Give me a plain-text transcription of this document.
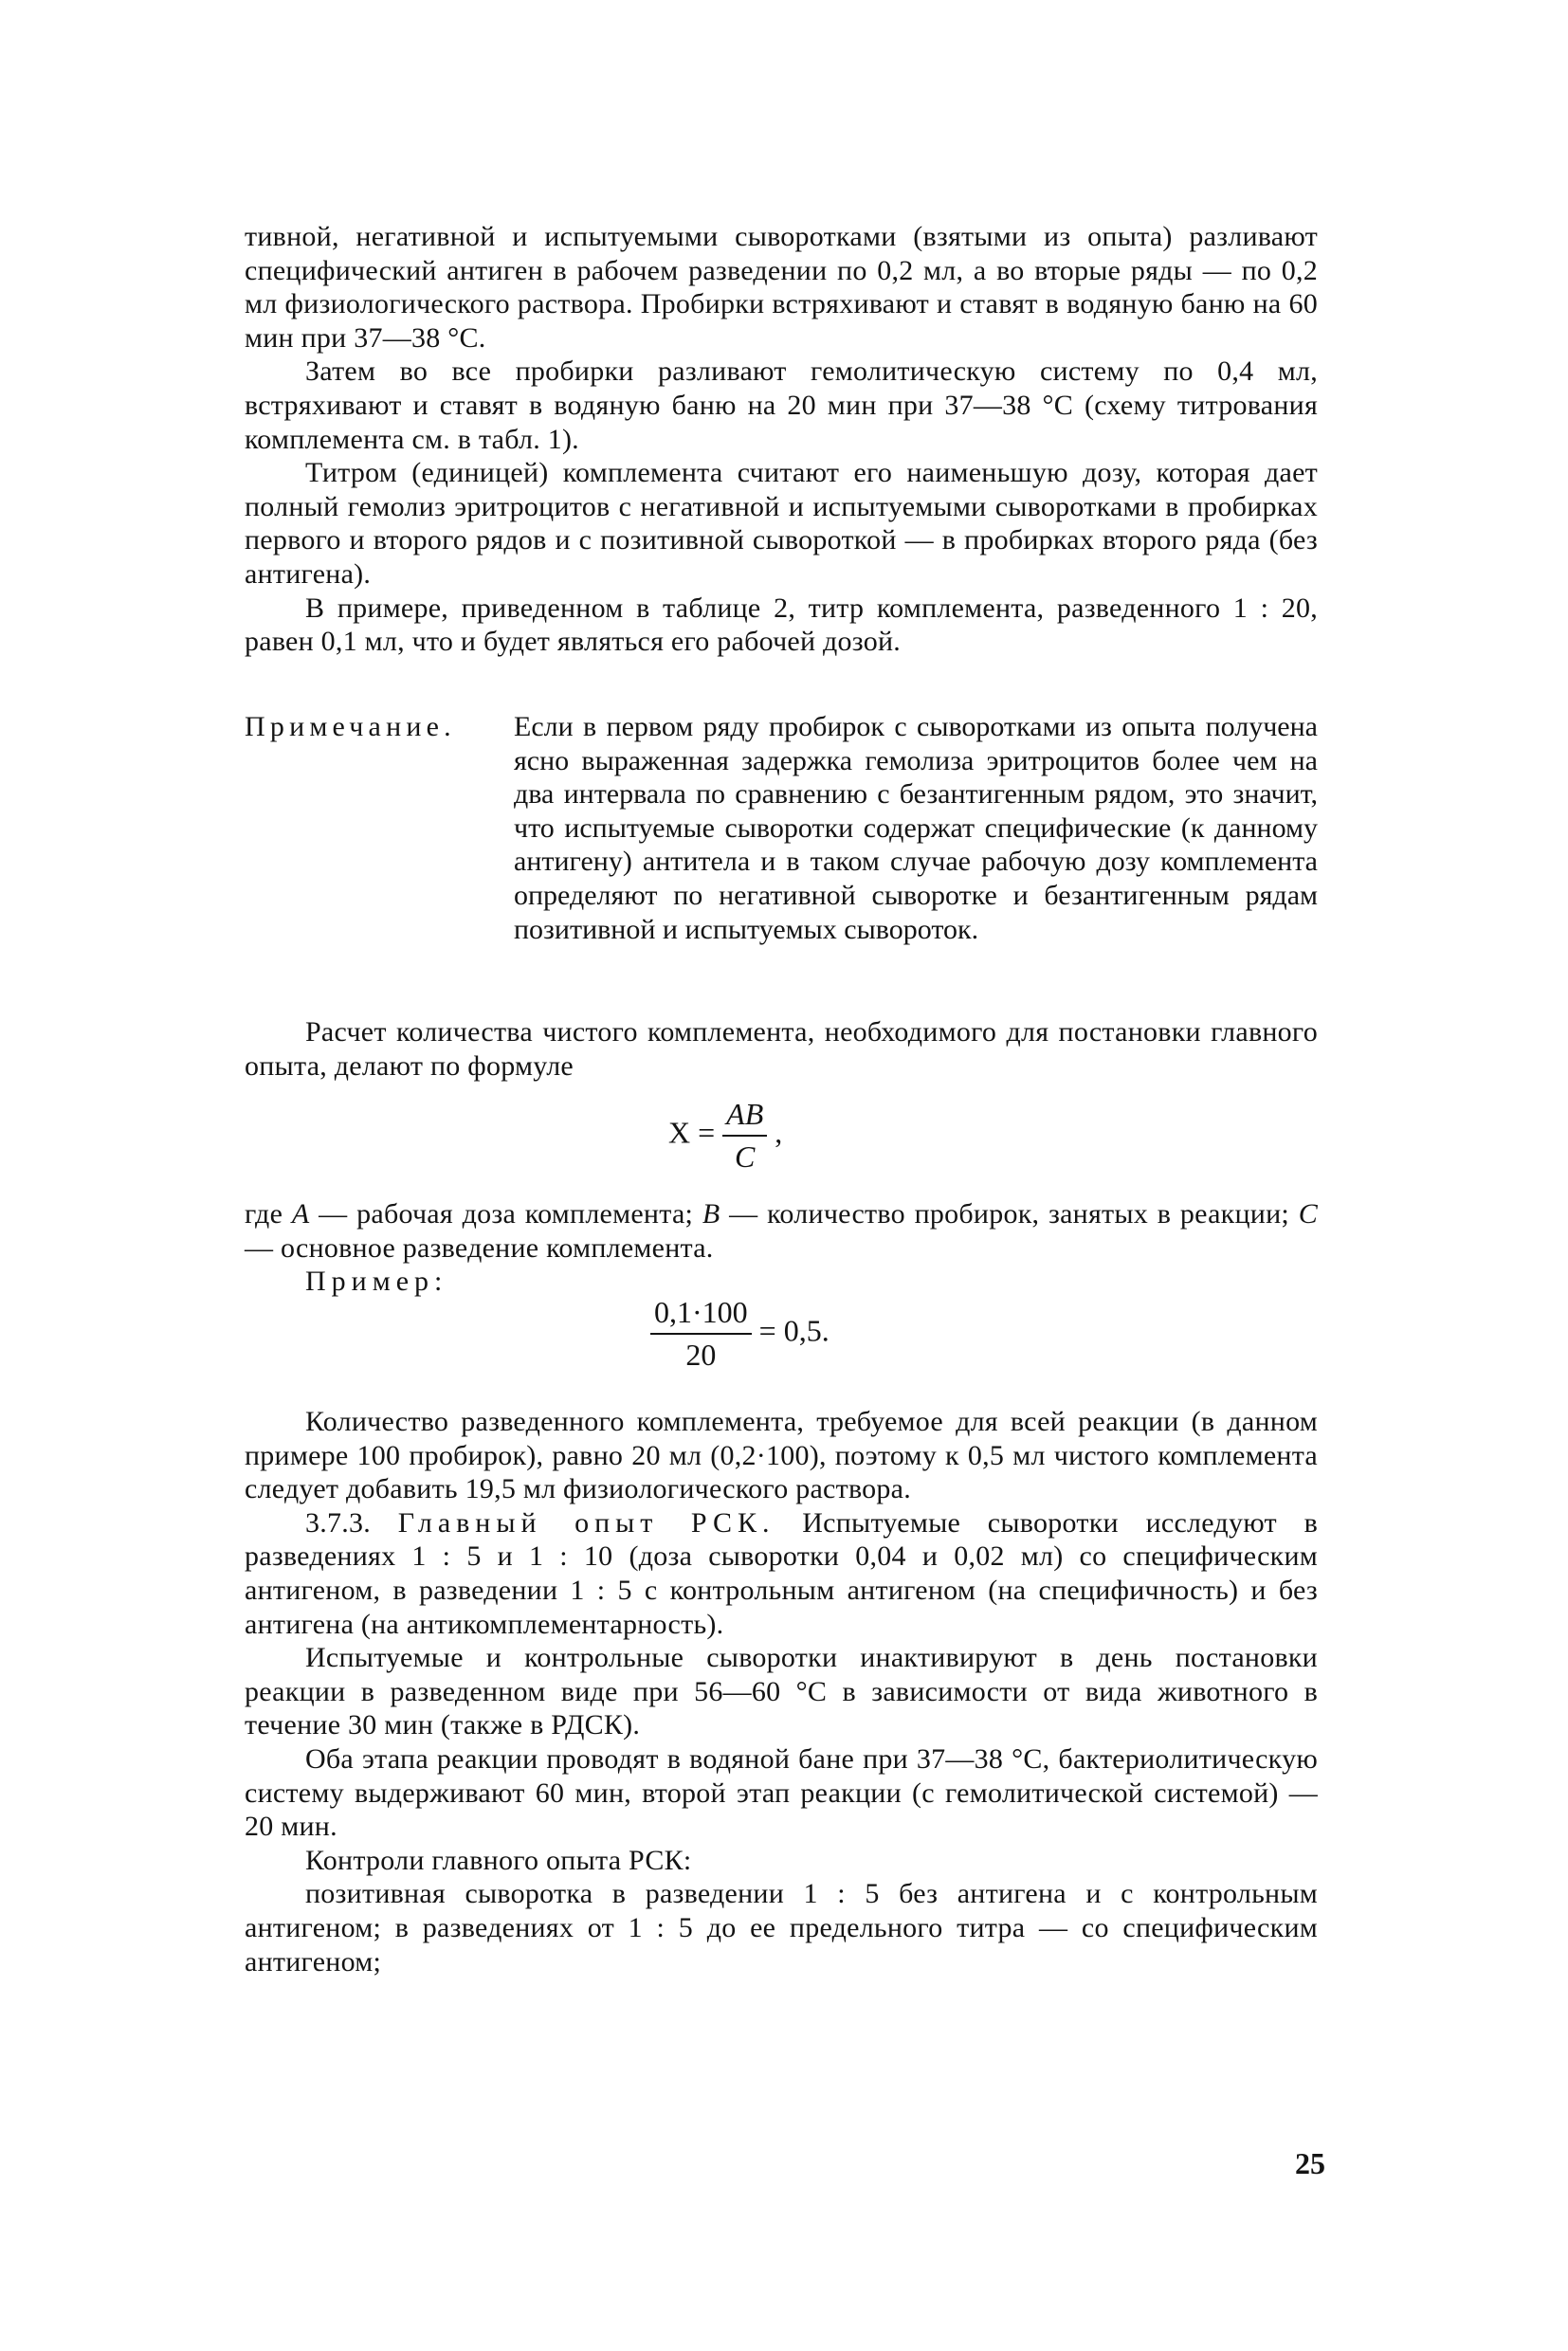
тивной, негативной и испытуемыми сыворотками (взятыми из опыта) разливают специфический антиген в рабочем разведении по 0,2 мл, а во вторые ряды — по 0,2 мл физиологического раствора. Пробирки встряхивают и ставят в водяную баню на 60 мин при 37—38 °С.

Затем во все пробирки разливают гемолитическую систему по 0,4 мл, встряхивают и ставят в водяную баню на 20 мин при 37—38 °С (схему титрования комплемента см. в табл. 1).

Титром (единицей) комплемента считают его наименьшую дозу, которая дает полный гемолиз эритроцитов с негативной и испытуемыми сыворотками в пробирках первого и второго рядов и с позитивной сывороткой — в пробирках второго ряда (без антигена).

В примере, приведенном в таблице 2, титр комплемента, разведенного 1 : 20, равен 0,1 мл, что и будет являться его рабочей дозой.

Примечание. Если в первом ряду пробирок с сыворотками из опыта получена ясно выраженная задержка гемолиза эритроцитов более чем на два интервала по сравнению с безантигенным рядом, это значит, что испытуемые сыворотки содержат специфические (к данному антигену) антитела и в таком случае рабочую дозу комплемента определяют по негативной сыворотке и безантигенным рядам позитивной и испытуемых сывороток.

Расчет количества чистого комплемента, необходимого для постановки главного опыта, делают по формуле

$X = \frac{AB}{C}$ ,

где A — рабочая доза комплемента; B — количество пробирок, занятых в реакции; C — основное разведение комплемента.

Пример:

$\frac{0,1\cdot 100}{20} = 0,5$.

Количество разведенного комплемента, требуемое для всей реакции (в данном примере 100 пробирок), равно 20 мл (0,2·100), поэтому к 0,5 мл чистого комплемента следует добавить 19,5 мл физиологического раствора.

3.7.3. Главный опыт РСК. Испытуемые сыворотки исследуют в разведениях 1 : 5 и 1 : 10 (доза сыворотки 0,04 и 0,02 мл) со специфическим антигеном, в разведении 1 : 5 с контрольным антигеном (на специфичность) и без антигена (на антикомплементарность).

Испытуемые и контрольные сыворотки инактивируют в день постановки реакции в разведенном виде при 56—60 °С в зависимости от вида животного в течение 30 мин (также в РДСК).

Оба этапа реакции проводят в водяной бане при 37—38 °С, бактериолитическую систему выдерживают 60 мин, второй этап реакции (с гемолитической системой) — 20 мин.

Контроли главного опыта РСК:

позитивная сыворотка в разведении 1 : 5 без антигена и с контрольным антигеном; в разведениях от 1 : 5 до ее предельного титра — со специфическим антигеном;

25
